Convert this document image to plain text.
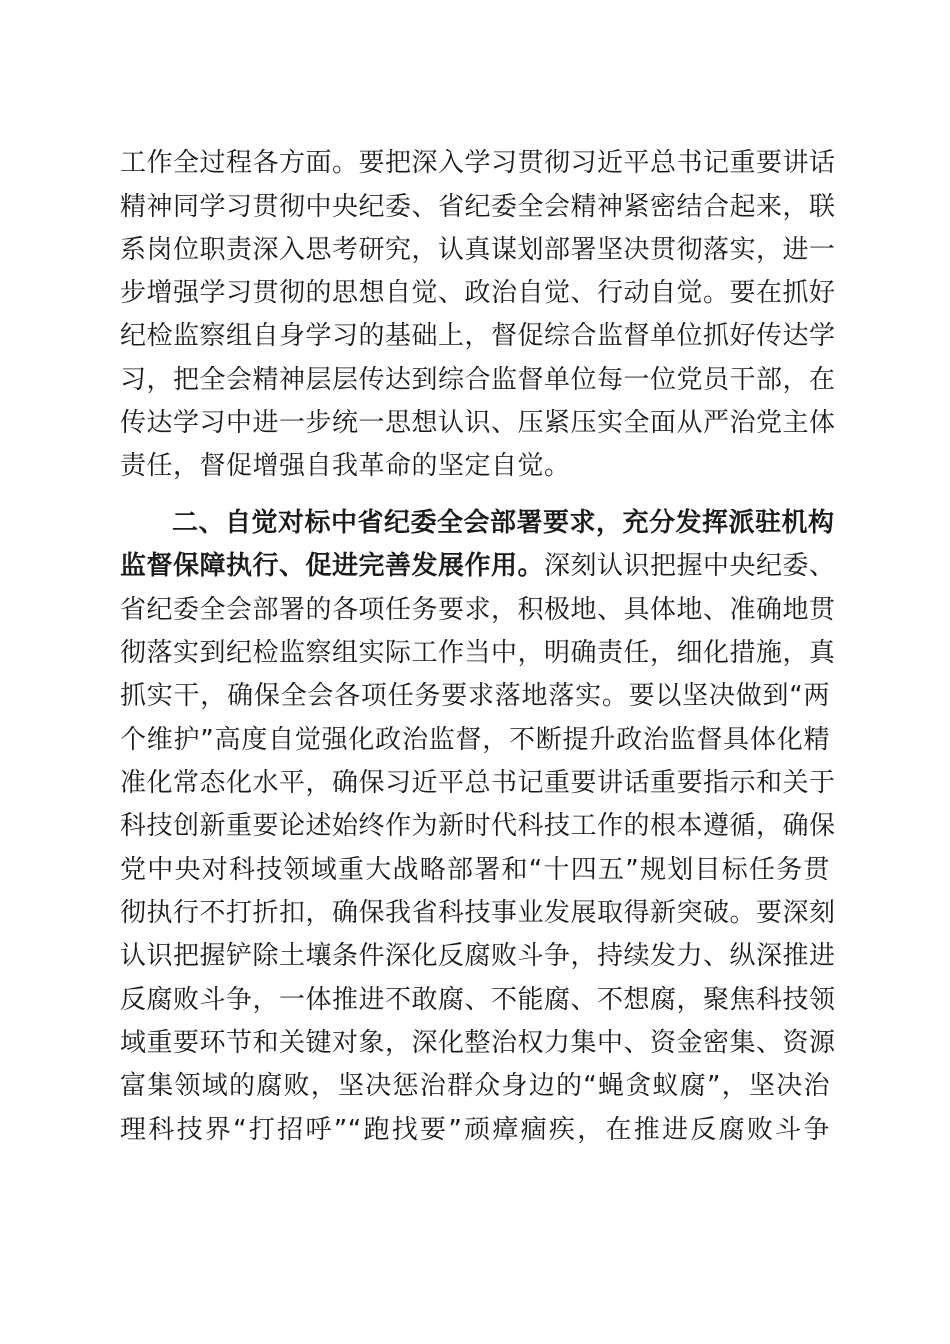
工作全过程各方面。要把深入学习贯彻习近平总书记重要讲话
精神同学习贯彻中央纪委、省纪委全会精神紧密结合起来，联
系岗位职责深入思考研究，认真谋划部署坚决贯彻落实，进一
步增强学习贯彻的思想自觉、政治自觉、行动自觉。要在抓好
纪检监察组自身学习的基础上，督促综合监督单位抓好传达学
习，把全会精神层层传达到综合监督单位每一位党员干部，在
传达学习中进一步统一思想认识、压紧压实全面从严治党主体
责任，督促增强自我革命的坚定自觉。
二、自觉对标中省纪委全会部署要求，充分发挥派驻机构
监督保障执行、促进完善发展作用。深刻认识把握中央纪委、
省纪委全会部署的各项任务要求，积极地、具体地、准确地贯
彻落实到纪检监察组实际工作当中，明确责任，细化措施，真
抓实干，确保全会各项任务要求落地落实。要以坚决做到“两
个维护”高度自觉强化政治监督，不断提升政治监督具体化精
准化常态化水平，确保习近平总书记重要讲话重要指示和关于
科技创新重要论述始终作为新时代科技工作的根本遵循，确保
党中央对科技领域重大战略部署和“十四五”规划目标任务贯
彻执行不打折扣，确保我省科技事业发展取得新突破。要深刻
认识把握铲除土壤条件深化反腐败斗争，持续发力、纵深推进
反腐败斗争，一体推进不敢腐、不能腐、不想腐，聚焦科技领
域重要环节和关键对象，深化整治权力集中、资金密集、资源
富集领域的腐败，坚决惩治群众身边的“蝇贪蚁腐”，坚决治
理科技界“打招呼”“跑找要”顽瘴痼疾，在推进反腐败斗争
